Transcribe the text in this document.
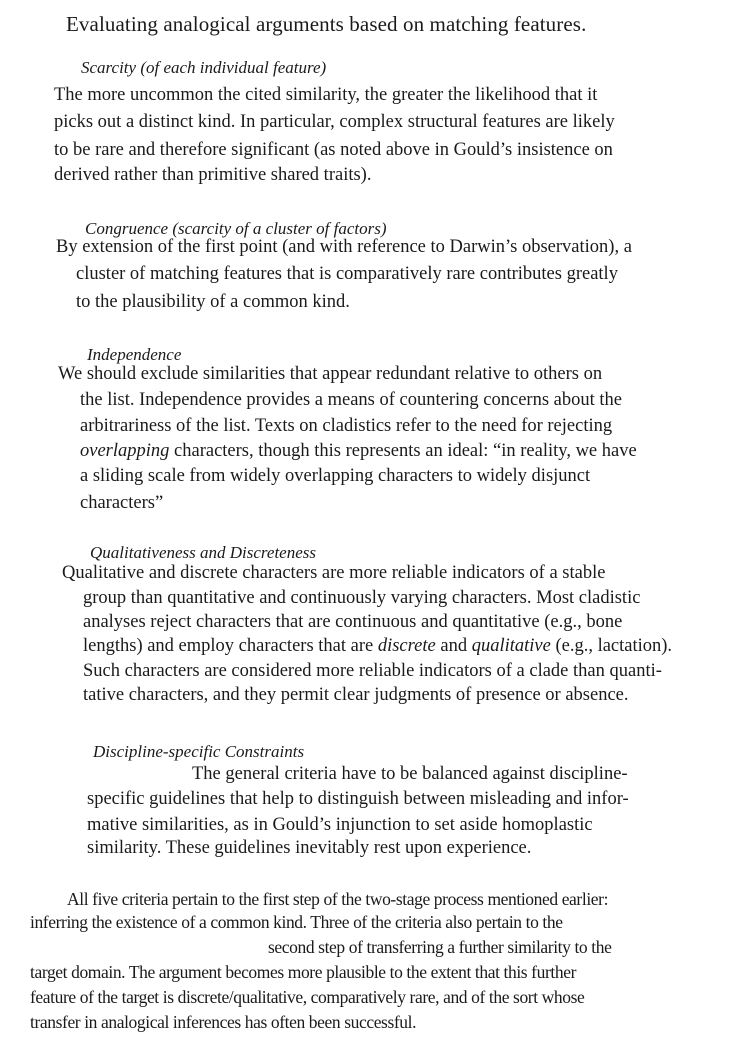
Evaluating analogical arguments based on matching features.
Scarcity (of each individual feature)
The more uncommon the cited similarity, the greater the likelihood that it
picks out a distinct kind. In particular, complex structural features are likely
to be rare and therefore significant (as noted above in Gould’s insistence on
derived rather than primitive shared traits).
Congruence (scarcity of a cluster of factors)
By extension of the first point (and with reference to Darwin’s observation), a
cluster of matching features that is comparatively rare contributes greatly
to the plausibility of a common kind.
Independence
We should exclude similarities that appear redundant relative to others on
the list. Independence provides a means of countering concerns about the
arbitrariness of the list. Texts on cladistics refer to the need for rejecting
overlapping characters, though this represents an ideal: “in reality, we have
a sliding scale from widely overlapping characters to widely disjunct
characters”
Qualitativeness and Discreteness
Qualitative and discrete characters are more reliable indicators of a stable
group than quantitative and continuously varying characters. Most cladistic
analyses reject characters that are continuous and quantitative (e.g., bone
lengths) and employ characters that are discrete and qualitative (e.g., lactation).
Such characters are considered more reliable indicators of a clade than quanti-
tative characters, and they permit clear judgments of presence or absence.
Discipline-specific Constraints
The general criteria have to be balanced against discipline-
specific guidelines that help to distinguish between misleading and infor-
mative similarities, as in Gould’s injunction to set aside homoplastic
similarity. These guidelines inevitably rest upon experience.
All five criteria pertain to the first step of the two-stage process mentioned earlier:
inferring the existence of a common kind. Three of the criteria also pertain to the
second step of transferring a further similarity to the
target domain. The argument becomes more plausible to the extent that this further
feature of the target is discrete/qualitative, comparatively rare, and of the sort whose
transfer in analogical inferences has often been successful.
